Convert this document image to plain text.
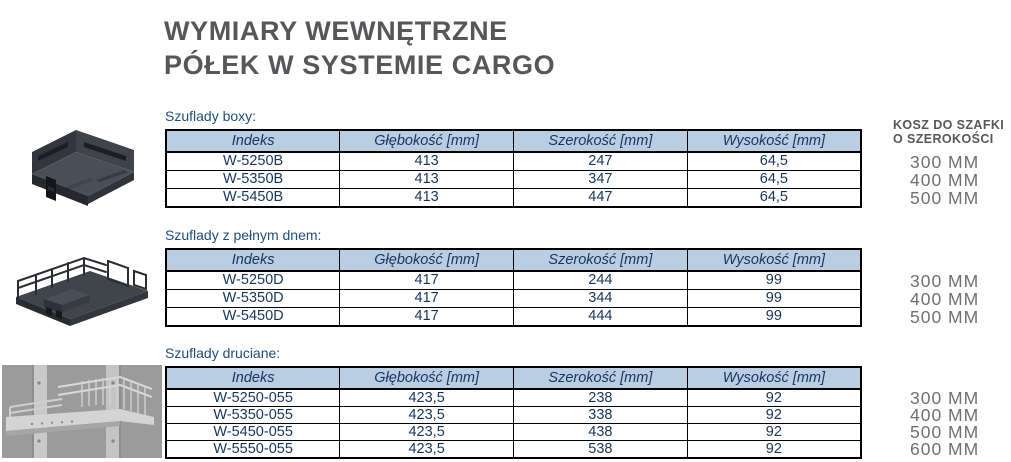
WYMIARY WEWNĘTRZNE
PÓŁEK W SYSTEMIE CARGO
Szuflady boxy:
Indeks	Głębokość [mm]	Szerokość [mm]	Wysokość [mm]
W-5250B	413	247	64,5
W-5350B	413	347	64,5
W-5450B	413	447	64,5
KOSZ DO SZAFKI
O SZEROKOŚCI
300 MM
400 MM
500 MM
Szuflady z pełnym dnem:
Indeks	Głębokość [mm]	Szerokość [mm]	Wysokość [mm]
W-5250D	417	244	99
W-5350D	417	344	99
W-5450D	417	444	99
300 MM
400 MM
500 MM
Szuflady druciane:
Indeks	Głębokość [mm]	Szerokość [mm]	Wysokość [mm]
W-5250-055	423,5	238	92
W-5350-055	423,5	338	92
W-5450-055	423,5	438	92
W-5550-055	423,5	538	92
300 MM
400 MM
500 MM
600 MM
